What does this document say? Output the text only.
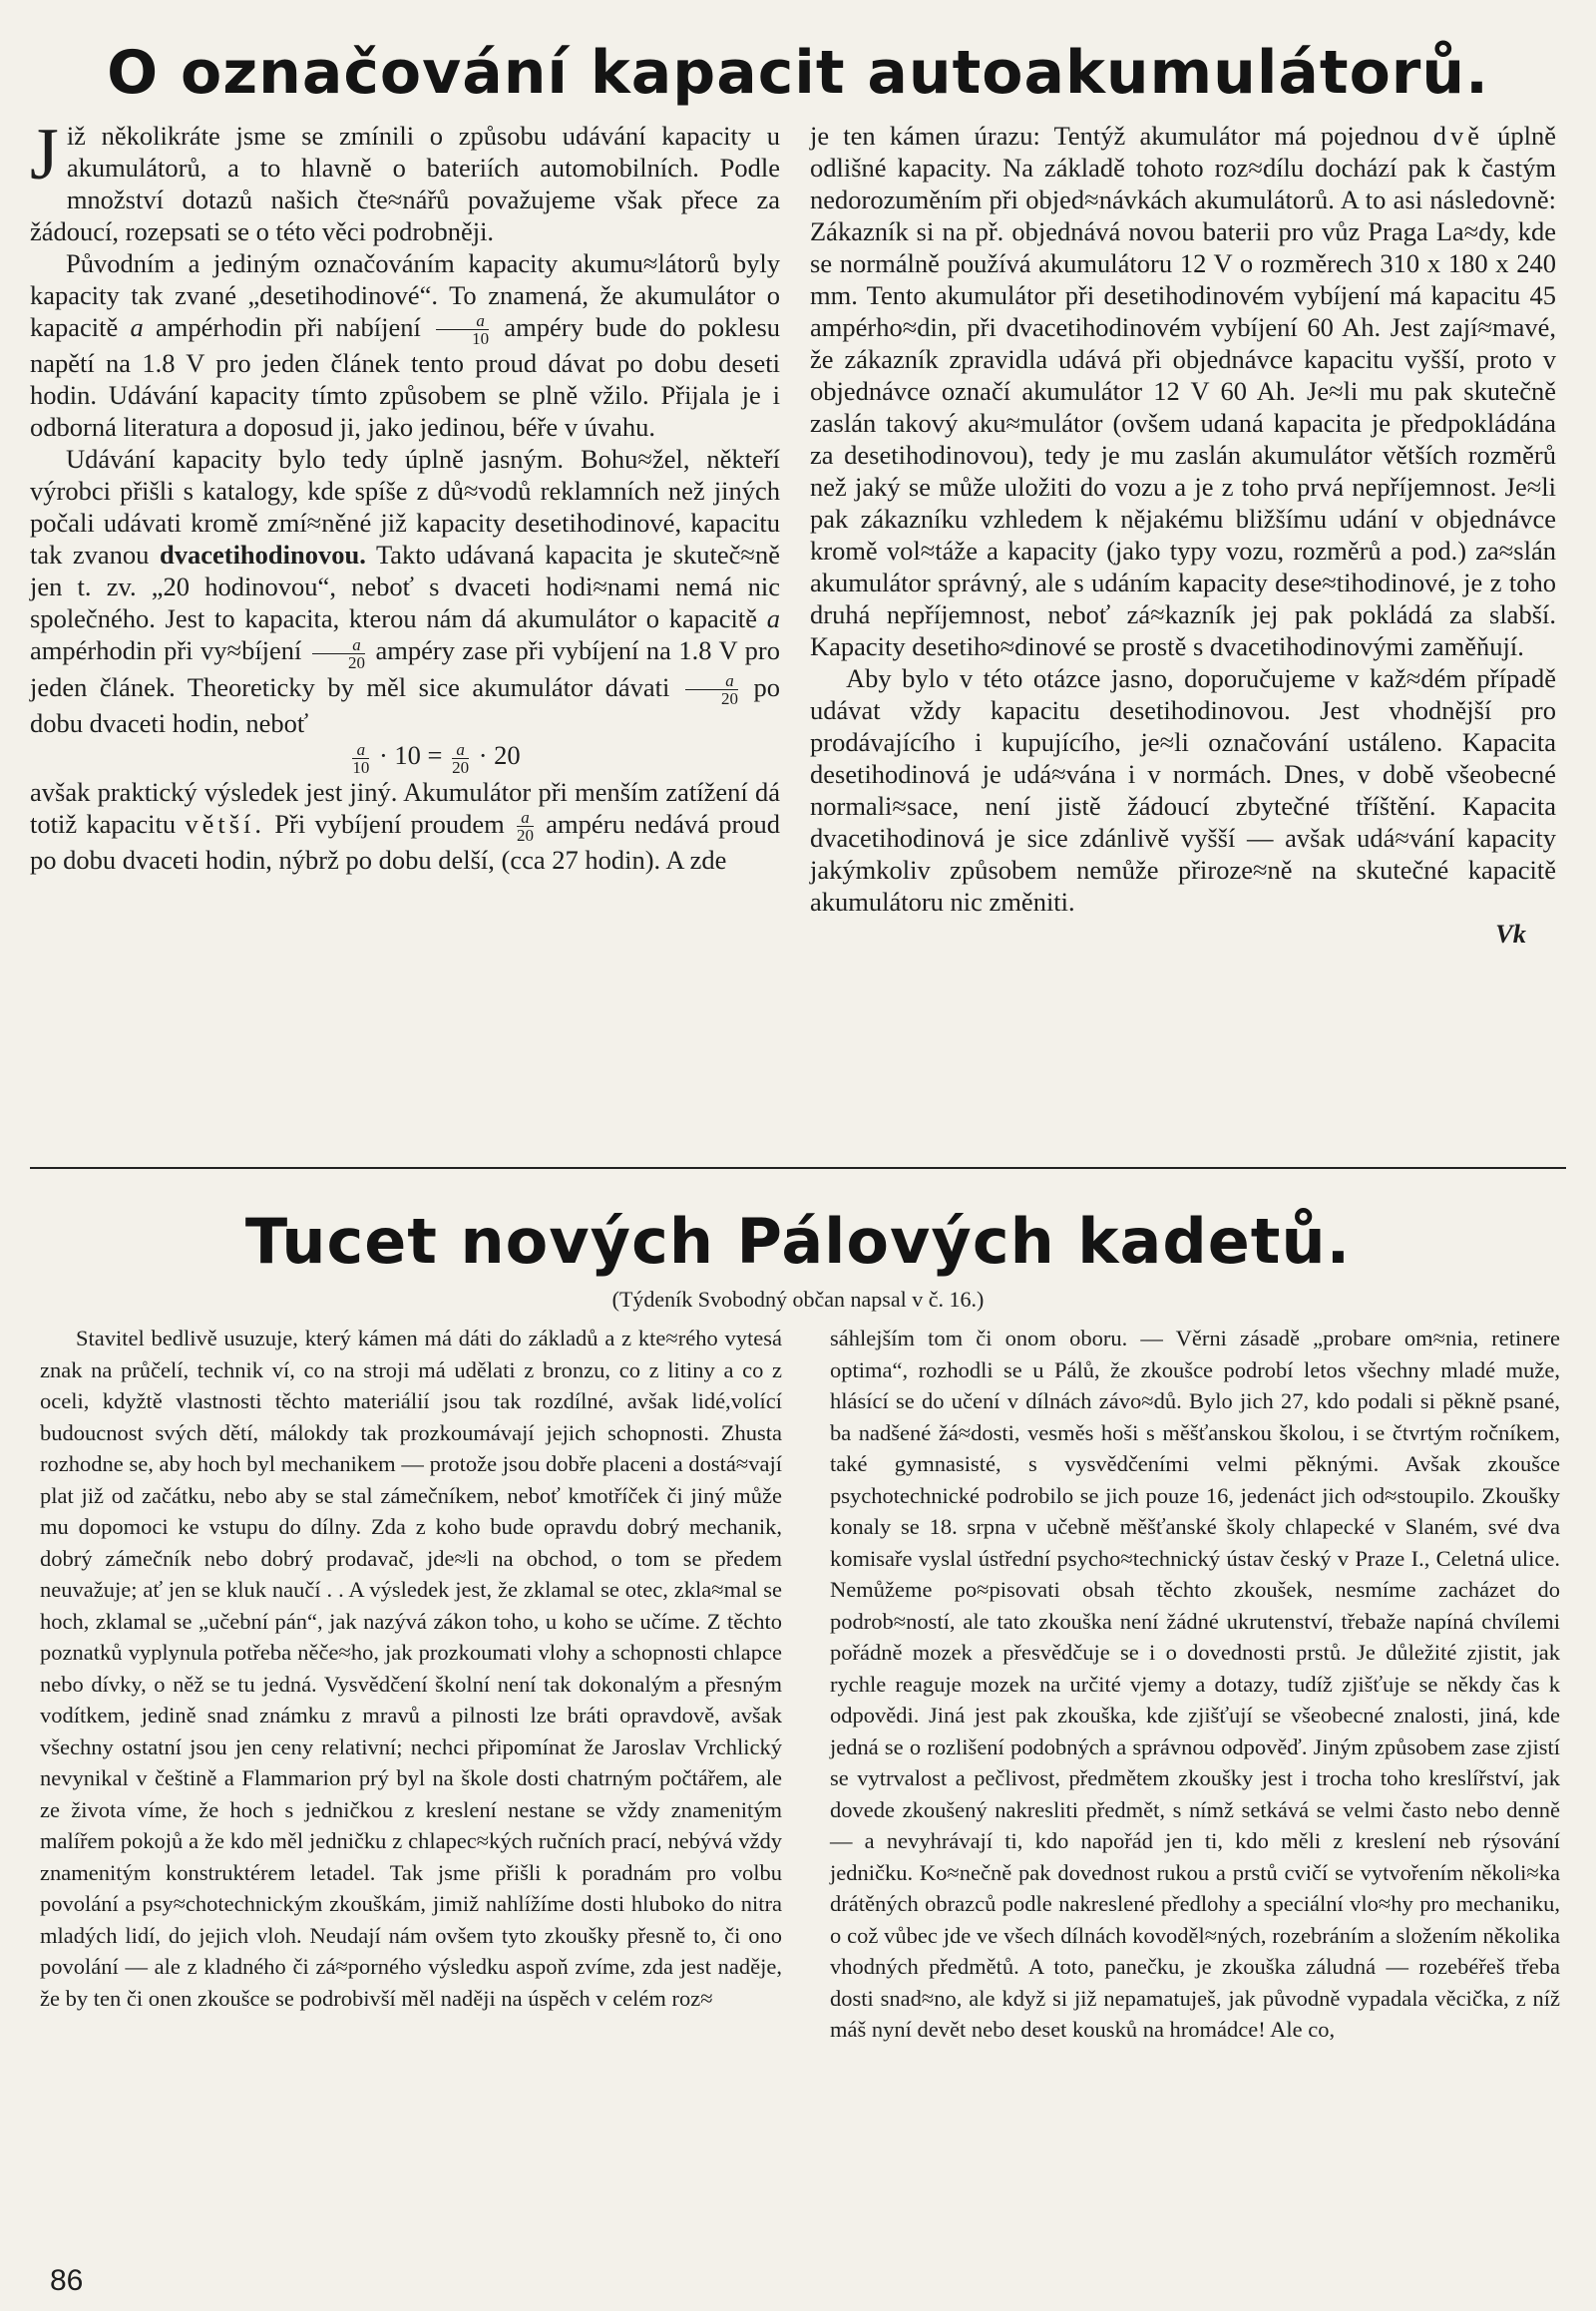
O označování kapacit autoakumulátorů.

Již několikráte jsme se zmínili o způsobu udávání kapacity u akumulátorů, a to hlavně o bateriích automobilních. Podle množství dotazů našich čte≈nářů považujeme však přece za žádoucí, rozepsati se o této věci podrobněji.

Původním a jediným označováním kapacity akumu≈látorů byly kapacity tak zvané „desetihodinové“. To znamená, že akumulátor o kapacitě a ampérhodin při nabíjení $\frac{a}{10}$ ampéry bude do poklesu napětí na 1.8 V pro jeden článek tento proud dávat po dobu deseti hodin. Udávání kapacity tímto způsobem se plně vžilo. Přijala je i odborná literatura a doposud ji, jako jedinou, béře v úvahu.

Udávání kapacity bylo tedy úplně jasným. Bohu≈žel, někteří výrobci přišli s katalogy, kde spíše z dů≈vodů reklamních než jiných počali udávati kromě zmí≈něné již kapacity desetihodinové, kapacitu tak zvanou dvacetihodinovou. Takto udávaná kapacita je skuteč≈ně jen t. zv. „20 hodinovou“, neboť s dvaceti hodi≈nami nemá nic společného. Jest to kapacita, kterou nám dá akumulátor o kapacitě a ampérhodin při vy≈bíjení $\frac{a}{20}$ ampéry zase při vybíjení na 1.8 V pro jeden článek. Theoreticky by měl sice akumulátor dávati $\frac{a}{20}$ po dobu dvaceti hodin, neboť

$\frac{a}{10} \cdot 10 = \frac{a}{20} \cdot 20$

avšak praktický výsledek jest jiný. Akumulátor při menším zatížení dá totiž kapacitu větší. Při vybíjení proudem $\frac{a}{20}$ ampéru nedává proud po dobu dvaceti hodin, nýbrž po dobu delší, (cca 27 hodin). A zde

je ten kámen úrazu: Tentýž akumulátor má pojednou dvě úplně odlišné kapacity. Na základě tohoto roz≈dílu dochází pak k častým nedorozuměním při objed≈návkách akumulátorů. A to asi následovně: Zákazník si na př. objednává novou baterii pro vůz Praga La≈dy, kde se normálně používá akumulátoru 12 V o rozměrech 310 x 180 x 240 mm. Tento akumulátor při desetihodinovém vybíjení má kapacitu 45 ampérho≈din, při dvacetihodinovém vybíjení 60 Ah. Jest zají≈mavé, že zákazník zpravidla udává při objednávce kapacitu vyšší, proto v objednávce označí akumulátor 12 V 60 Ah. Je≈li mu pak skutečně zaslán takový aku≈mulátor (ovšem udaná kapacita je předpokládána za desetihodinovou), tedy je mu zaslán akumulátor větších rozměrů než jaký se může uložiti do vozu a je z toho prvá nepříjemnost. Je≈li pak zákazníku vzhledem k nějakému bližšímu udání v objednávce kromě vol≈táže a kapacity (jako typy vozu, rozměrů a pod.) za≈slán akumulátor správný, ale s udáním kapacity dese≈tihodinové, je z toho druhá nepříjemnost, neboť zá≈kazník jej pak pokládá za slabší. Kapacity desetiho≈dinové se prostě s dvacetihodinovými zaměňují.

Aby bylo v této otázce jasno, doporučujeme v kaž≈dém případě udávat vždy kapacitu desetihodinovou. Jest vhodnější pro prodávajícího i kupujícího, je≈li označování ustáleno. Kapacita desetihodinová je udá≈vána i v normách. Dnes, v době všeobecné normali≈sace, není jistě žádoucí zbytečné tříštění. Kapacita dvacetihodinová je sice zdánlivě vyšší — avšak udá≈vání kapacity jakýmkoliv způsobem nemůže přiroze≈ně na skutečné kapacitě akumulátoru nic změniti.

Vk

Tucet nových Pálových kadetů.
(Týdeník Svobodný občan napsal v č. 16.)

Stavitel bedlivě usuzuje, který kámen má dáti do základů a z kte≈rého vytesá znak na průčelí, technik ví, co na stroji má udělati z bronzu, co z litiny a co z oceli, kdyžtě vlastnosti těchto materiálií jsou tak rozdílné, avšak lidé,volící budoucnost svých dětí, málokdy tak prozkoumávají jejich schopnosti. Zhusta rozhodne se, aby hoch byl mechanikem — protože jsou dobře placeni a dostá≈vají plat již od začátku, nebo aby se stal zámečníkem, neboť kmotříček či jiný může mu dopomoci ke vstupu do dílny. Zda z koho bude opravdu dobrý mechanik, dobrý zámečník nebo dobrý prodavač, jde≈li na obchod, o tom se předem neuvažuje; ať jen se kluk naučí . . A výsledek jest, že zklamal se otec, zkla≈mal se hoch, zklamal se „učební pán“, jak nazývá zákon toho, u koho se učíme. Z těchto poznatků vyplynula potřeba něče≈ho, jak prozkoumati vlohy a schopnosti chlapce nebo dívky, o něž se tu jedná. Vysvědčení školní není tak dokonalým a přesným vodítkem, jedině snad známku z mravů a pilnosti lze bráti opravdově, avšak všechny ostatní jsou jen ceny relativní; nechci připomínat že Jaroslav Vrchlický nevynikal v češtině a Flammarion prý byl na škole dosti chatrným počtářem, ale ze života víme, že hoch s jedničkou z kreslení nestane se vždy znamenitým malířem pokojů a že kdo měl jedničku z chlapec≈kých ručních prací, nebývá vždy znamenitým konstruktérem letadel. Tak jsme přišli k poradnám pro volbu povolání a psy≈chotechnickým zkouškám, jimiž nahlížíme dosti hluboko do nitra mladých lidí, do jejich vloh. Neudají nám ovšem tyto zkoušky přesně to, či ono povolání — ale z kladného či zá≈porného výsledku aspoň zvíme, zda jest naděje, že by ten či onen zkoušce se podrobivší měl naději na úspěch v celém roz≈

sáhlejším tom či onom oboru. — Věrni zásadě „probare om≈nia, retinere optima“, rozhodli se u Pálů, že zkoušce podrobí letos všechny mladé muže, hlásící se do učení v dílnách závo≈dů. Bylo jich 27, kdo podali si pěkně psané, ba nadšené žá≈dosti, vesměs hoši s měšťanskou školou, i se čtvrtým ročníkem, také gymnasisté, s vysvědčeními velmi pěknými. Avšak zkoušce psychotechnické podrobilo se jich pouze 16, jedenáct jich od≈stoupilo. Zkoušky konaly se 18. srpna v učebně měšťanské školy chlapecké v Slaném, své dva komisaře vyslal ústřední psycho≈technický ústav český v Praze I., Celetná ulice. Nemůžeme po≈pisovati obsah těchto zkoušek, nesmíme zacházet do podrob≈ností, ale tato zkouška není žádné ukrutenství, třebaže napíná chvílemi pořádně mozek a přesvědčuje se i o dovednosti prstů. Je důležité zjistit, jak rychle reaguje mozek na určité vjemy a dotazy, tudíž zjišťuje se někdy čas k odpovědi. Jiná jest pak zkouška, kde zjišťují se všeobecné znalosti, jiná, kde jedná se o rozlišení podobných a správnou odpověď. Jiným způsobem zase zjistí se vytrvalost a pečlivost, předmětem zkoušky jest i trocha toho kreslířství, jak dovede zkoušený nakresliti předmět, s nímž setkává se velmi často nebo denně — a nevyhrávají ti, kdo napořád jen ti, kdo měli z kreslení neb rýsování jedničku. Ko≈nečně pak dovednost rukou a prstů cvičí se vytvořením několi≈ka drátěných obrazců podle nakreslené předlohy a speciální vlo≈hy pro mechaniku, o což vůbec jde ve všech dílnách kovoděl≈ných, rozebráním a složením několika vhodných předmětů. A toto, panečku, je zkouška záludná — rozebéřeš třeba dosti snad≈no, ale když si již nepamatuješ, jak původně vypadala věcička, z níž máš nyní devět nebo deset kousků na hromádce! Ale co,

86
